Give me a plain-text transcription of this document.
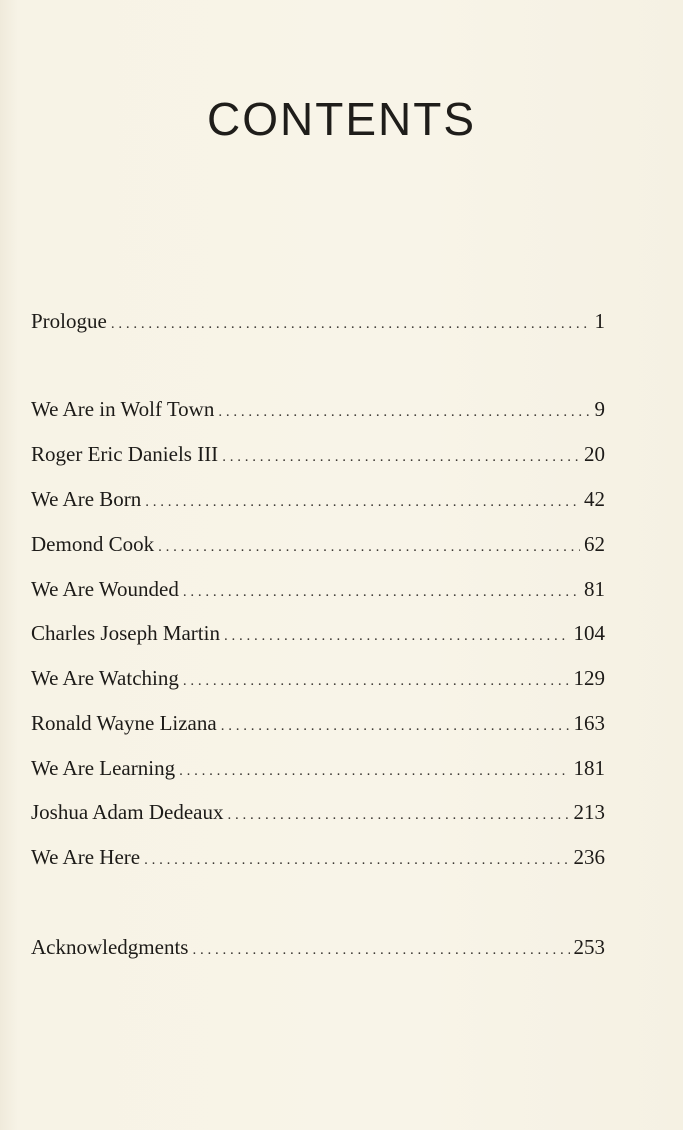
CONTENTS
Prologue . . .	1
We Are in Wolf Town . . .	9
Roger Eric Daniels III . . .	20
We Are Born . . .	42
Demond Cook . . .	62
We Are Wounded . . .	81
Charles Joseph Martin . . .	104
We Are Watching . . .	129
Ronald Wayne Lizana . . .	163
We Are Learning . . .	181
Joshua Adam Dedeaux . . .	213
We Are Here . . .	236
Acknowledgments . . .	253
